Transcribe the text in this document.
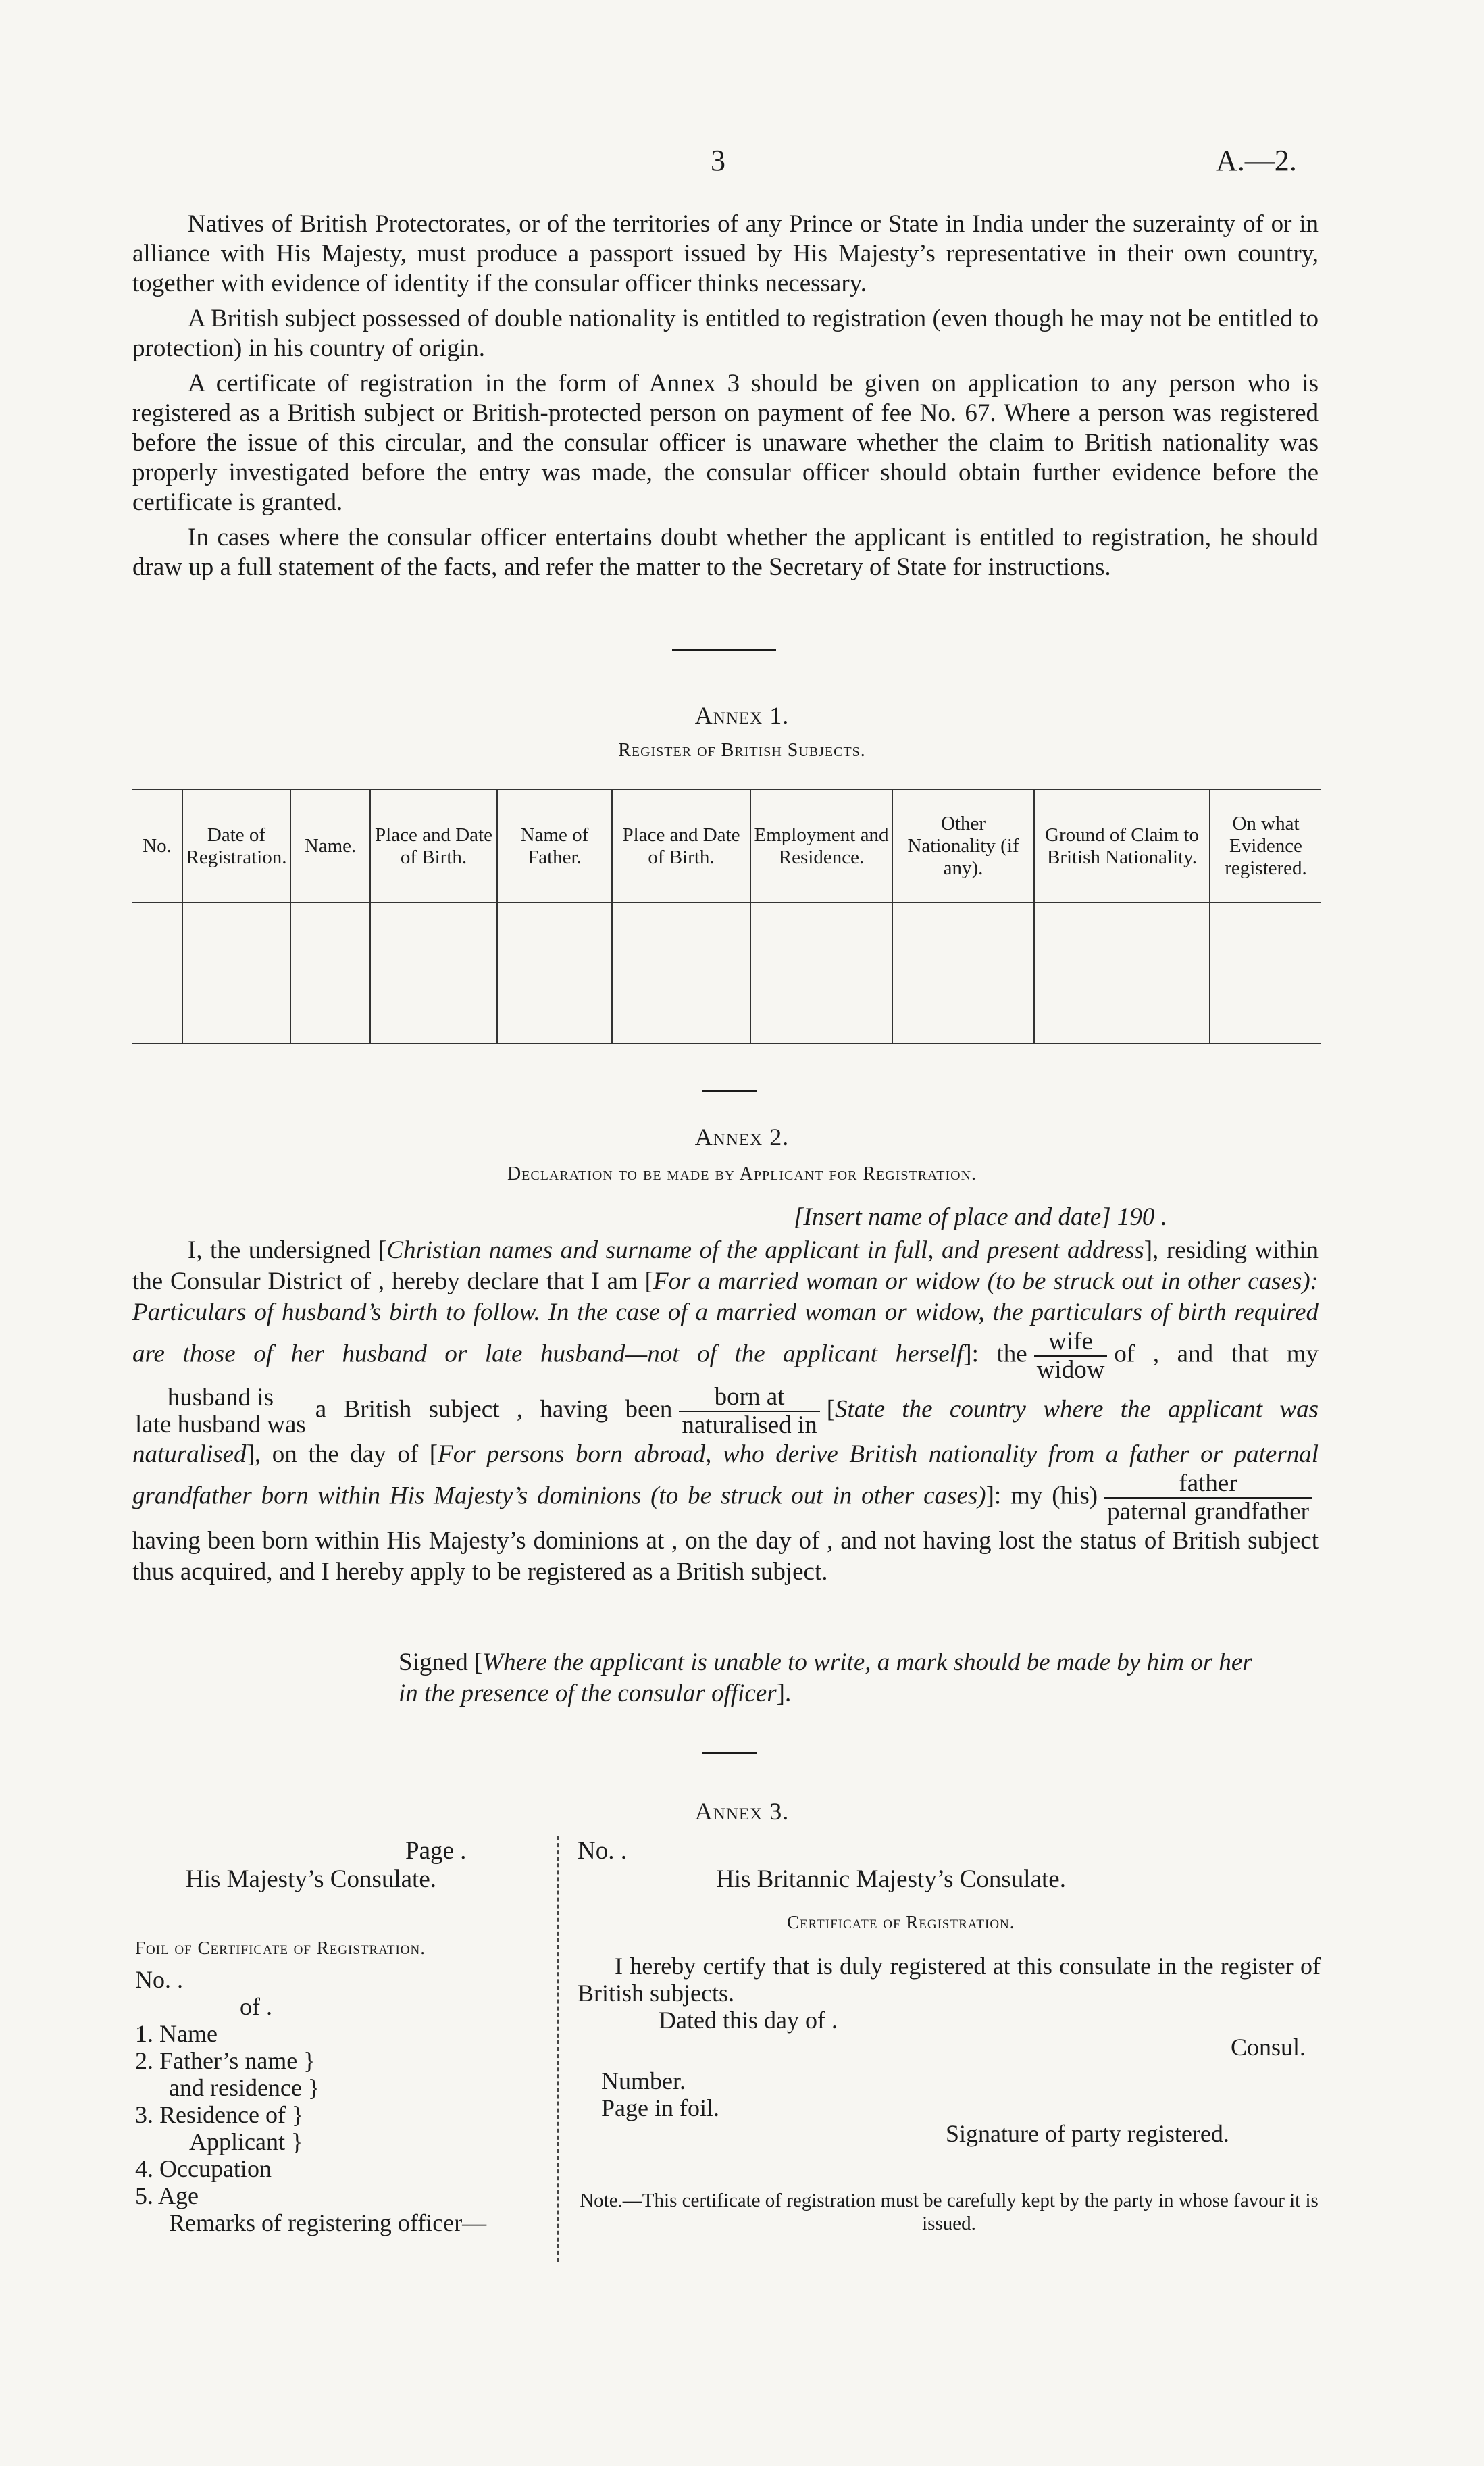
3	A.—2.

Natives of British Protectorates, or of the territories of any Prince or State in India under the suzerainty of or in alliance with His Majesty, must produce a passport issued by His Majesty’s representative in their own country, together with evidence of identity if the consular officer thinks necessary.

A British subject possessed of double nationality is entitled to registration (even though he may not be entitled to protection) in his country of origin.

A certificate of registration in the form of Annex 3 should be given on application to any person who is registered as a British subject or British-protected person on payment of fee No. 67. Where a person was registered before the issue of this circular, and the consular officer is unaware whether the claim to British nationality was properly investigated before the entry was made, the consular officer should obtain further evidence before the certificate is granted.

In cases where the consular officer entertains doubt whether the applicant is entitled to registration, he should draw up a full statement of the facts, and refer the matter to the Secretary of State for instructions.

Annex 1.
Register of British Subjects.
No.	Date of Registration.	Name.	Place and Date of Birth.	Name of Father.	Place and Date of Birth.	Employment and Residence.	Other Nationality (if any).	Ground of Claim to British Nationality.	On what Evidence registered.

Annex 2.
Declaration to be made by Applicant for Registration.
[Insert name of place and date] 190 .
I, the undersigned [Christian names and surname of the applicant in full, and present address], residing within the Consular District of , hereby declare that I am [For a married woman or widow (to be struck out in other cases): Particulars of husband’s birth to follow. In the case of a married woman or widow, the particulars of birth required are those of her husband or late husband—not of the applicant herself]: the $\frac{\text{wife}}{\text{widow}}$ of , and that my
husband is
late husband was
a British subject , having been $\frac{\text{born at}}{\text{naturalised in}}$ [State the country where the applicant was naturalised], on the day of [For persons born abroad, who derive British nationality from a father or paternal grandfather born within His Majesty’s dominions (to be struck out in other cases)]: my $(his) \frac{\text{father}}{\text{paternal grandfather}}$
having been born within His Majesty’s dominions at , on the day of , and not having lost the status of British subject thus acquired, and I hereby apply to be registered as a British subject.
Signed [Where the applicant is unable to write, a mark should be made by him or her in the presence of the consular officer].
Annex 3.
Page .
His Majesty’s Consulate.
Foil of Certificate of Registration.
No. .
of .
1. Name
2. Father’s name }
and residence }
3. Residence of }
Applicant }
4. Occupation
5. Age
Remarks of registering officer—
No. .
His Britannic Majesty’s Consulate.
Certificate of Registration.
I hereby certify that is duly registered at this consulate in the register of British subjects.
Dated this day of .
Consul.
Number.
Page in foil.
Signature of party registered.
Note.—This certificate of registration must be carefully kept by the party in whose favour it is issued.
